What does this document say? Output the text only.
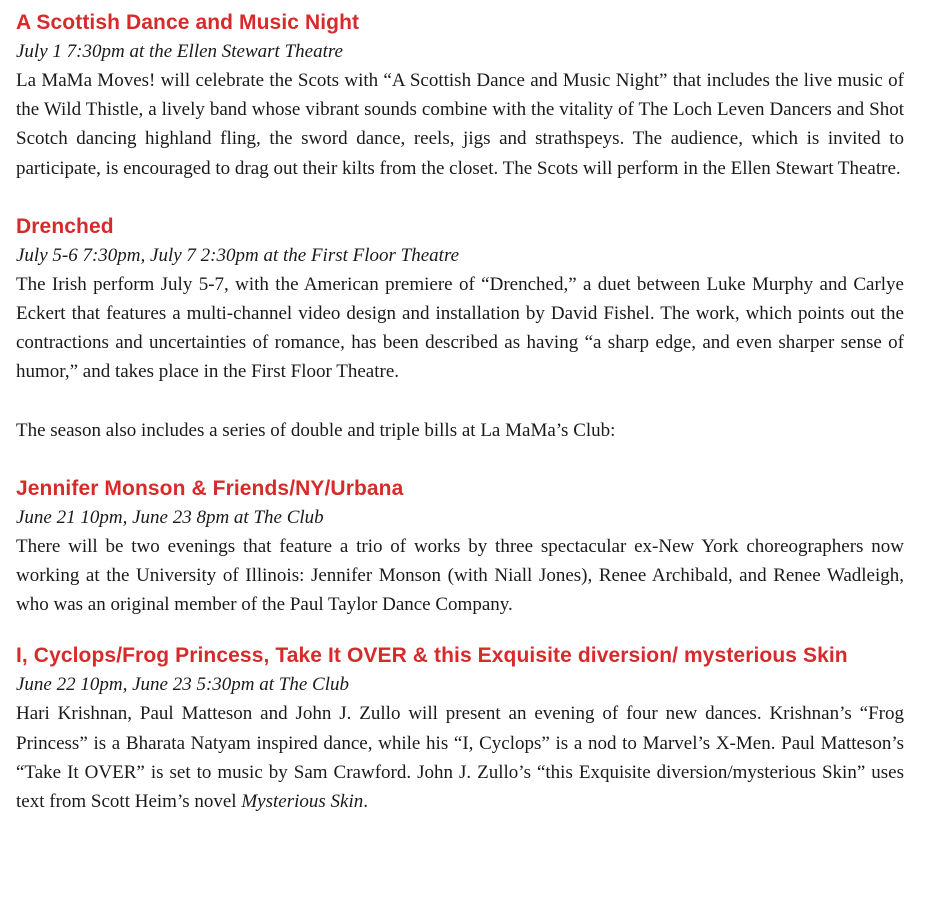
A Scottish Dance and Music Night

July 1 7:30pm at the Ellen Stewart Theatre

La MaMa Moves! will celebrate the Scots with “A Scottish Dance and Music Night” that includes the live music of the Wild Thistle, a lively band whose vibrant sounds combine with the vitality of The Loch Leven Dancers and Shot Scotch dancing highland fling, the sword dance, reels, jigs and strathspeys. The audience, which is invited to participate, is encouraged to drag out their kilts from the closet. The Scots will perform in the Ellen Stewart Theatre.

Drenched

July 5-6 7:30pm, July 7 2:30pm at the First Floor Theatre

The Irish perform July 5-7, with the American premiere of “Drenched,” a duet between Luke Murphy and Carlye Eckert that features a multi-channel video design and installation by David Fishel. The work, which points out the contractions and uncertainties of romance, has been described as having “a sharp edge, and even sharper sense of humor,” and takes place in the First Floor Theatre.

The season also includes a series of double and triple bills at La MaMa’s Club:

Jennifer Monson & Friends/NY/Urbana

June 21 10pm, June 23 8pm at The Club

There will be two evenings that feature a trio of works by three spectacular ex-New York choreographers now working at the University of Illinois: Jennifer Monson (with Niall Jones), Renee Archibald, and Renee Wadleigh, who was an original member of the Paul Taylor Dance Company.

I, Cyclops/Frog Princess, Take It OVER & this Exquisite diversion/ mysterious Skin

June 22 10pm, June 23 5:30pm at The Club

Hari Krishnan, Paul Matteson and John J. Zullo will present an evening of four new dances. Krishnan’s “Frog Princess” is a Bharata Natyam inspired dance, while his “I, Cyclops” is a nod to Marvel’s X-Men. Paul Matteson’s “Take It OVER” is set to music by Sam Crawford. John J. Zullo’s “this Exquisite diversion/mysterious Skin” uses text from Scott Heim’s novel Mysterious Skin.
